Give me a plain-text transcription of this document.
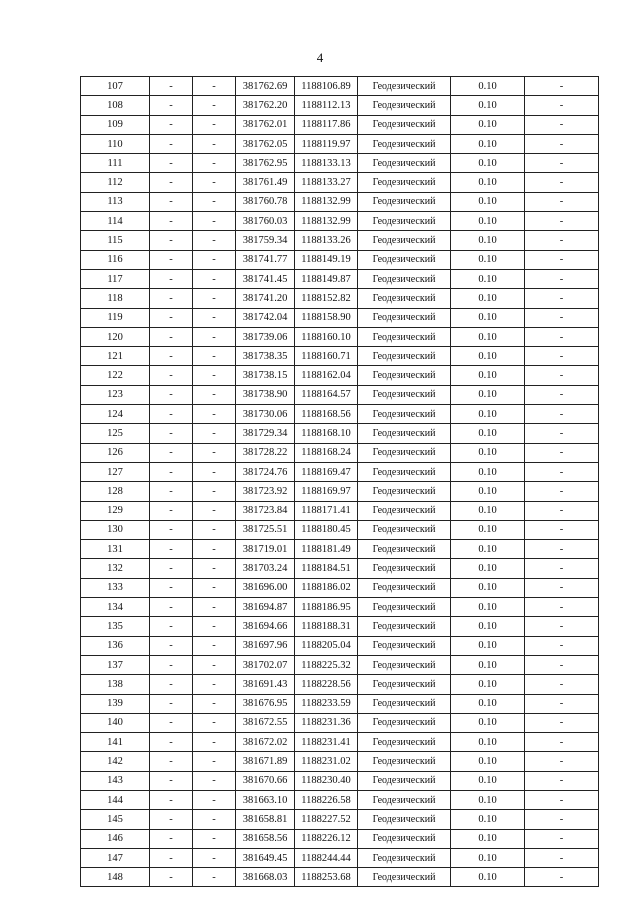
4
107	-	-	381762.69	1188106.89	Геодезический	0.10	-
108	-	-	381762.20	1188112.13	Геодезический	0.10	-
109	-	-	381762.01	1188117.86	Геодезический	0.10	-
110	-	-	381762.05	1188119.97	Геодезический	0.10	-
111	-	-	381762.95	1188133.13	Геодезический	0.10	-
112	-	-	381761.49	1188133.27	Геодезический	0.10	-
113	-	-	381760.78	1188132.99	Геодезический	0.10	-
114	-	-	381760.03	1188132.99	Геодезический	0.10	-
115	-	-	381759.34	1188133.26	Геодезический	0.10	-
116	-	-	381741.77	1188149.19	Геодезический	0.10	-
117	-	-	381741.45	1188149.87	Геодезический	0.10	-
118	-	-	381741.20	1188152.82	Геодезический	0.10	-
119	-	-	381742.04	1188158.90	Геодезический	0.10	-
120	-	-	381739.06	1188160.10	Геодезический	0.10	-
121	-	-	381738.35	1188160.71	Геодезический	0.10	-
122	-	-	381738.15	1188162.04	Геодезический	0.10	-
123	-	-	381738.90	1188164.57	Геодезический	0.10	-
124	-	-	381730.06	1188168.56	Геодезический	0.10	-
125	-	-	381729.34	1188168.10	Геодезический	0.10	-
126	-	-	381728.22	1188168.24	Геодезический	0.10	-
127	-	-	381724.76	1188169.47	Геодезический	0.10	-
128	-	-	381723.92	1188169.97	Геодезический	0.10	-
129	-	-	381723.84	1188171.41	Геодезический	0.10	-
130	-	-	381725.51	1188180.45	Геодезический	0.10	-
131	-	-	381719.01	1188181.49	Геодезический	0.10	-
132	-	-	381703.24	1188184.51	Геодезический	0.10	-
133	-	-	381696.00	1188186.02	Геодезический	0.10	-
134	-	-	381694.87	1188186.95	Геодезический	0.10	-
135	-	-	381694.66	1188188.31	Геодезический	0.10	-
136	-	-	381697.96	1188205.04	Геодезический	0.10	-
137	-	-	381702.07	1188225.32	Геодезический	0.10	-
138	-	-	381691.43	1188228.56	Геодезический	0.10	-
139	-	-	381676.95	1188233.59	Геодезический	0.10	-
140	-	-	381672.55	1188231.36	Геодезический	0.10	-
141	-	-	381672.02	1188231.41	Геодезический	0.10	-
142	-	-	381671.89	1188231.02	Геодезический	0.10	-
143	-	-	381670.66	1188230.40	Геодезический	0.10	-
144	-	-	381663.10	1188226.58	Геодезический	0.10	-
145	-	-	381658.81	1188227.52	Геодезический	0.10	-
146	-	-	381658.56	1188226.12	Геодезический	0.10	-
147	-	-	381649.45	1188244.44	Геодезический	0.10	-
148	-	-	381668.03	1188253.68	Геодезический	0.10	-
